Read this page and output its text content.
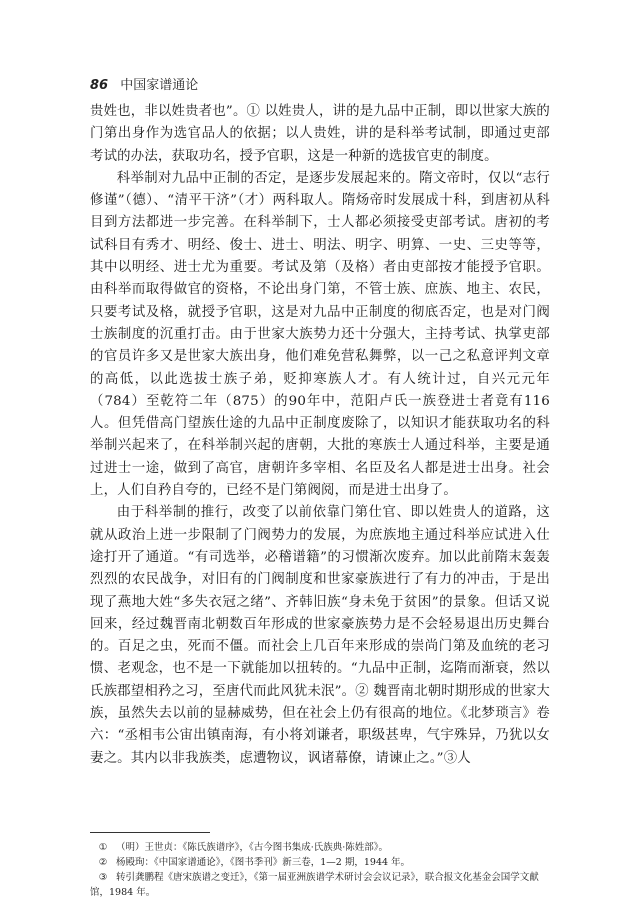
86 中国家谱通论

贵姓也，非以姓贵者也”。① 以姓贵人，讲的是九品中正制，即以世家大族的门第出身作为选官品人的依据；以人贵姓，讲的是科举考试制，即通过吏部考试的办法，获取功名，授予官职，这是一种新的选拔官吏的制度。

科举制对九品中正制的否定，是逐步发展起来的。隋文帝时，仅以“志行修谨”（德）、“清平干济”（才）两科取人。隋炀帝时发展成十科，到唐初从科目到方法都进一步完善。在科举制下，士人都必须接受吏部考试。唐初的考试科目有秀才、明经、俊士、进士、明法、明字、明算、一史、三史等等，其中以明经、进士尤为重要。考试及第（及格）者由吏部按才能授予官职。由科举而取得做官的资格，不论出身门第，不管士族、庶族、地主、农民，只要考试及格，就授予官职，这是对九品中正制度的彻底否定，也是对门阀士族制度的沉重打击。由于世家大族势力还十分强大，主持考试、执掌吏部的官员许多又是世家大族出身，他们难免营私舞弊，以一己之私意评判文章的高低，以此选拔士族子弟，贬抑寒族人才。有人统计过，自兴元元年（784）至乾符二年（875）的90年中，范阳卢氏一族登进士者竟有116人。但凭借高门望族仕途的九品中正制度废除了，以知识才能获取功名的科举制兴起来了，在科举制兴起的唐朝，大批的寒族士人通过科举，主要是通过进士一途，做到了高官，唐朝许多宰相、名臣及名人都是进士出身。社会上，人们自矜自夸的，已经不是门第阀阅，而是进士出身了。

由于科举制的推行，改变了以前依靠门第仕官、即以姓贵人的道路，这就从政治上进一步限制了门阀势力的发展，为庶族地主通过科举应试进入仕途打开了通道。“有司选举，必稽谱籍”的习惯渐次废弃。加以此前隋末轰轰烈烈的农民战争，对旧有的门阀制度和世家豪族进行了有力的冲击，于是出现了燕地大姓“多失衣冠之绪”、齐韩旧族“身未免于贫困”的景象。但话又说回来，经过魏晋南北朝数百年形成的世家豪族势力是不会轻易退出历史舞台的。百足之虫，死而不僵。而社会上几百年来形成的崇尚门第及血统的老习惯、老观念，也不是一下就能加以扭转的。“九品中正制，迄隋而渐衰，然以氏族郡望相矜之习，至唐代而此风犹未泯”。② 魏晋南北朝时期形成的世家大族，虽然失去以前的显赫威势，但在社会上仍有很高的地位。《北梦琐言》卷六：“丞相韦公宙出镇南海，有小将刘谦者，职级甚卑，气宇殊异，乃犹以女妻之。其内以非我族类，虑遭物议，讽诸幕僚，请谏止之。”③人

① （明）王世贞：《陈氏族谱序》，《古今图书集成·氏族典·陈姓部》。

② 杨殿珣：《中国家谱通论》，《图书季刊》新三卷，1—2 期，1944 年。

③ 转引龚鹏程《唐宋族谱之变迁》，《第一届亚洲族谱学术研讨会会议记录》，联合报文化基金会国学文献馆，1984 年。
